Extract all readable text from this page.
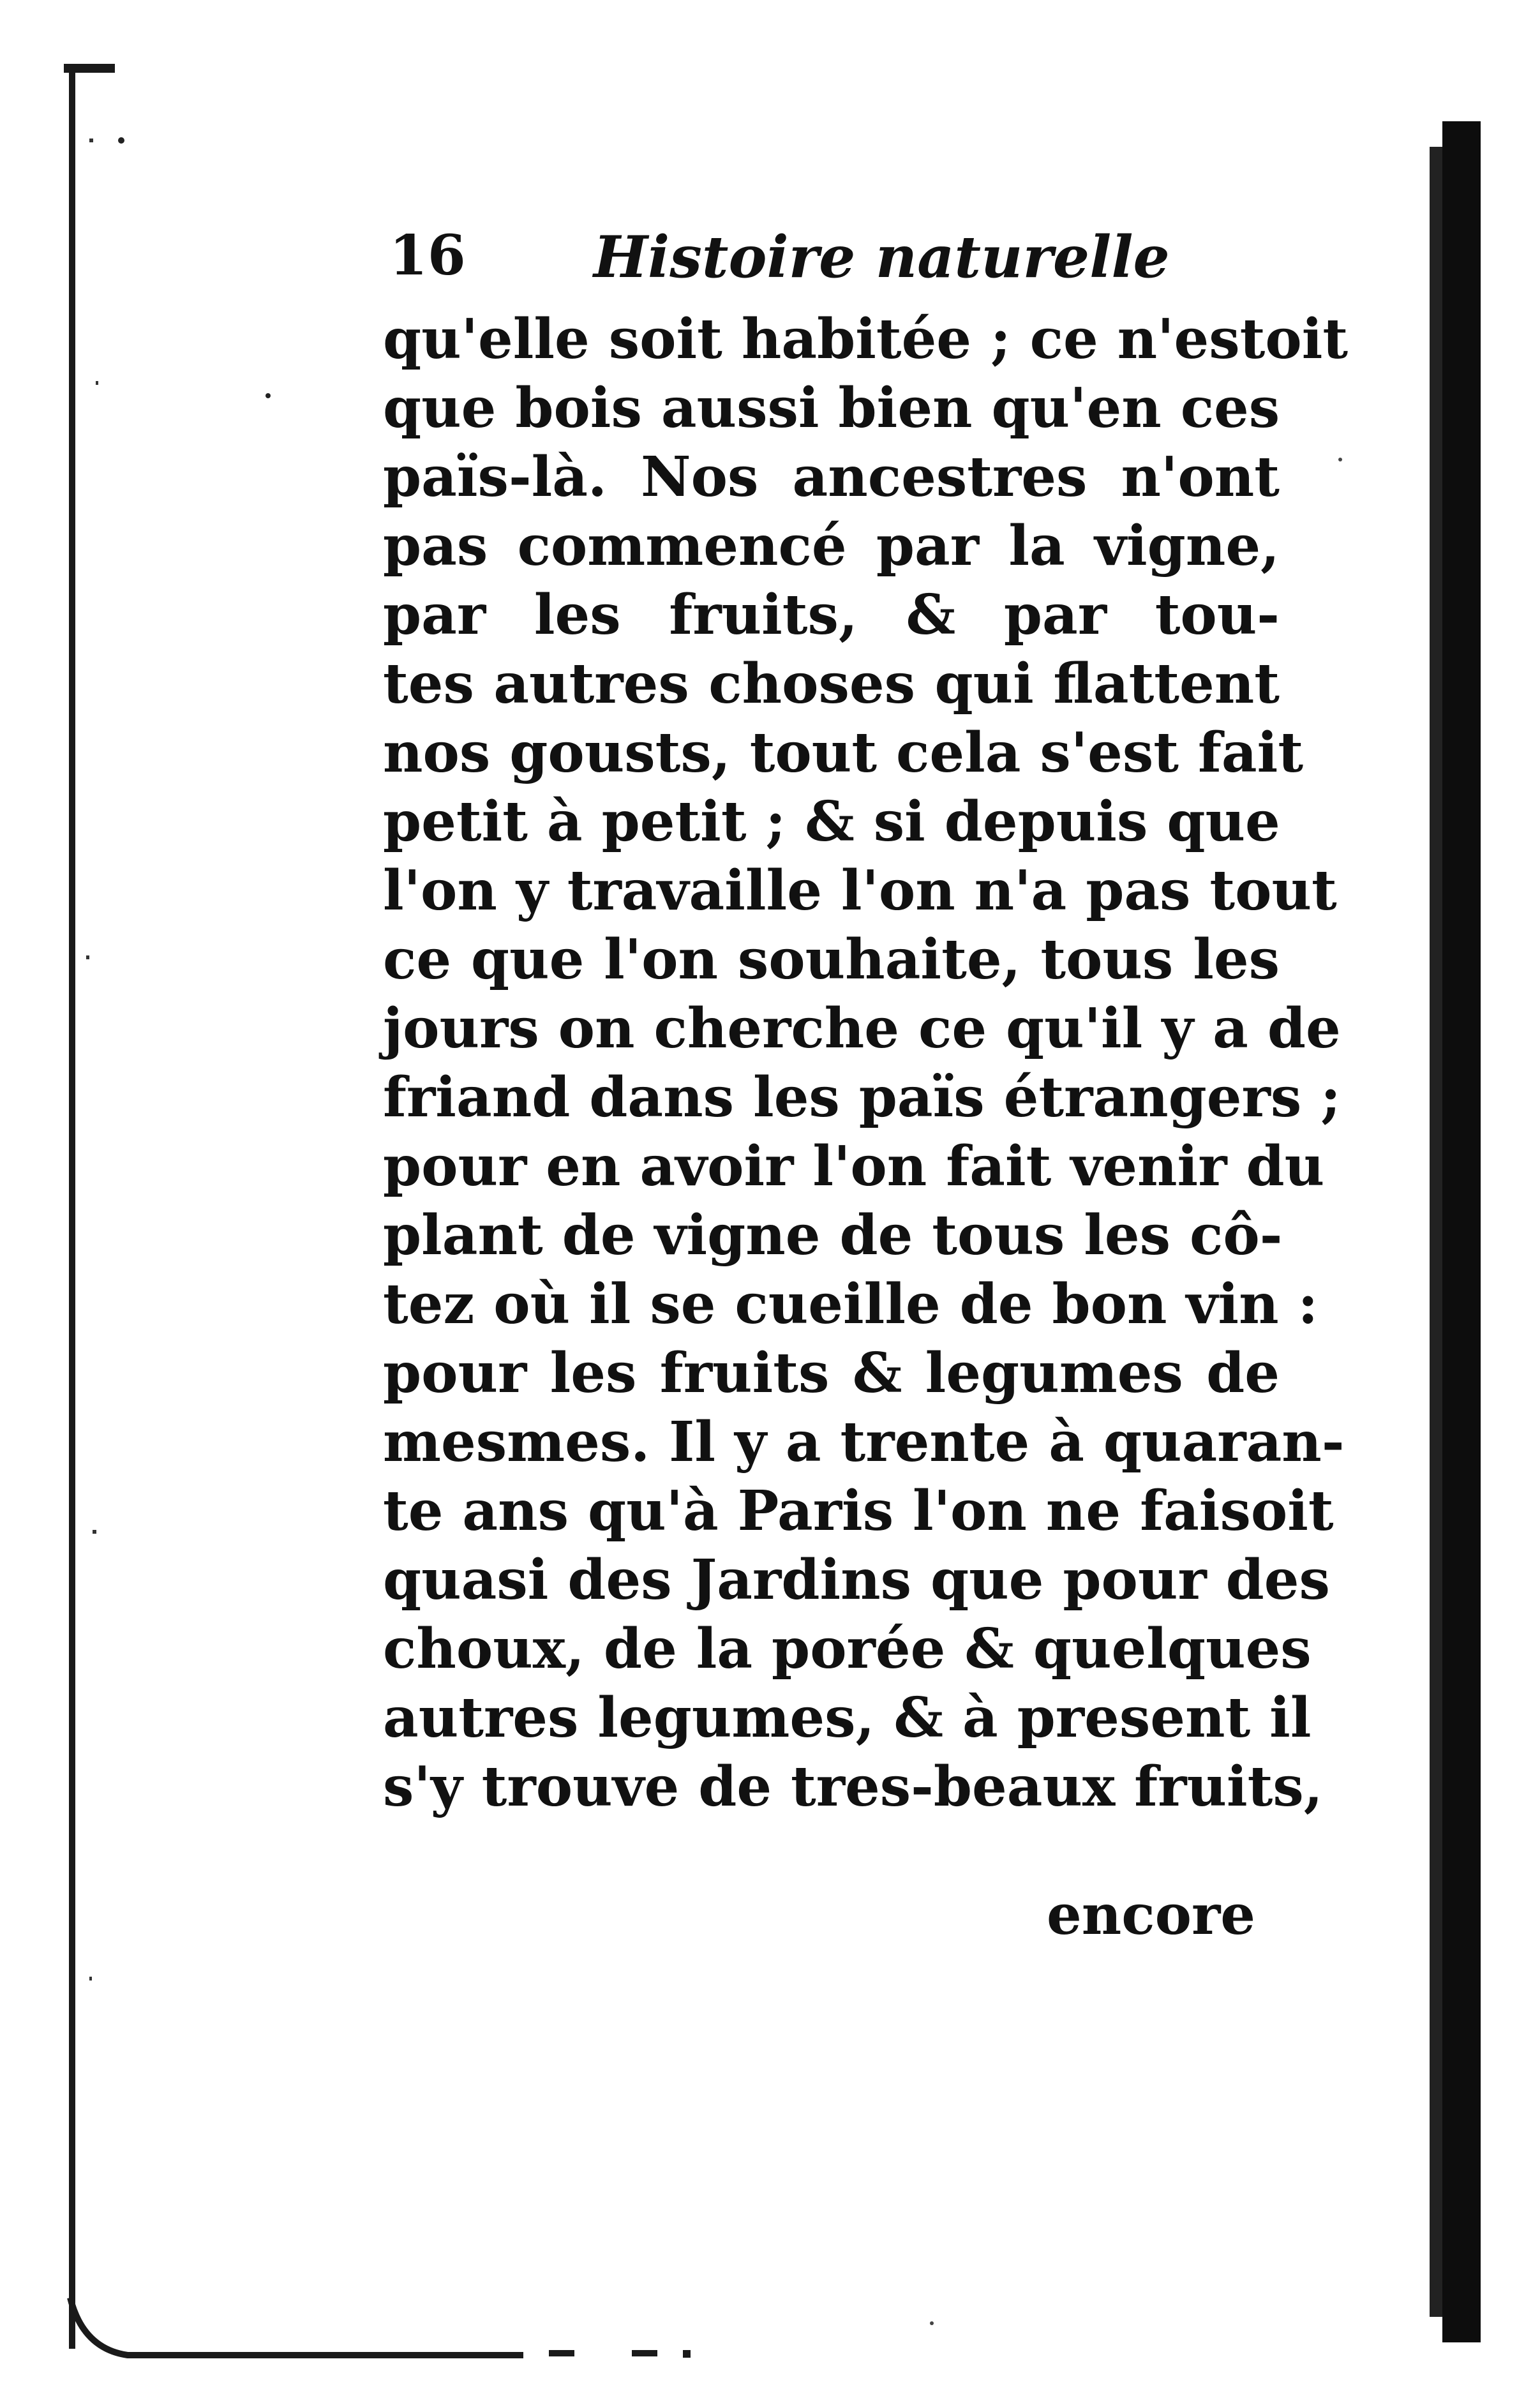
16 Histoire naturelle
qu'elle soit habitée ; ce n'estoit
que bois aussi bien qu'en ces
païs-là. Nos ancestres n'ont
pas commencé par la vigne,
par les fruits, & par tou-
tes autres choses qui flattent
nos gousts, tout cela s'est fait
petit à petit ; & si depuis que
l'on y travaille l'on n'a pas tout
ce que l'on souhaite, tous les
jours on cherche ce qu'il y a de
friand dans les païs étrangers ;
pour en avoir l'on fait venir du
plant de vigne de tous les cô-
tez où il se cueille de bon vin :
pour les fruits & legumes de
mesmes. Il y a trente à quaran-
te ans qu'à Paris l'on ne faisoit
quasi des Jardins que pour des
choux, de la porée & quelques
autres legumes, & à present il
s'y trouve de tres-beaux fruits,
encore
